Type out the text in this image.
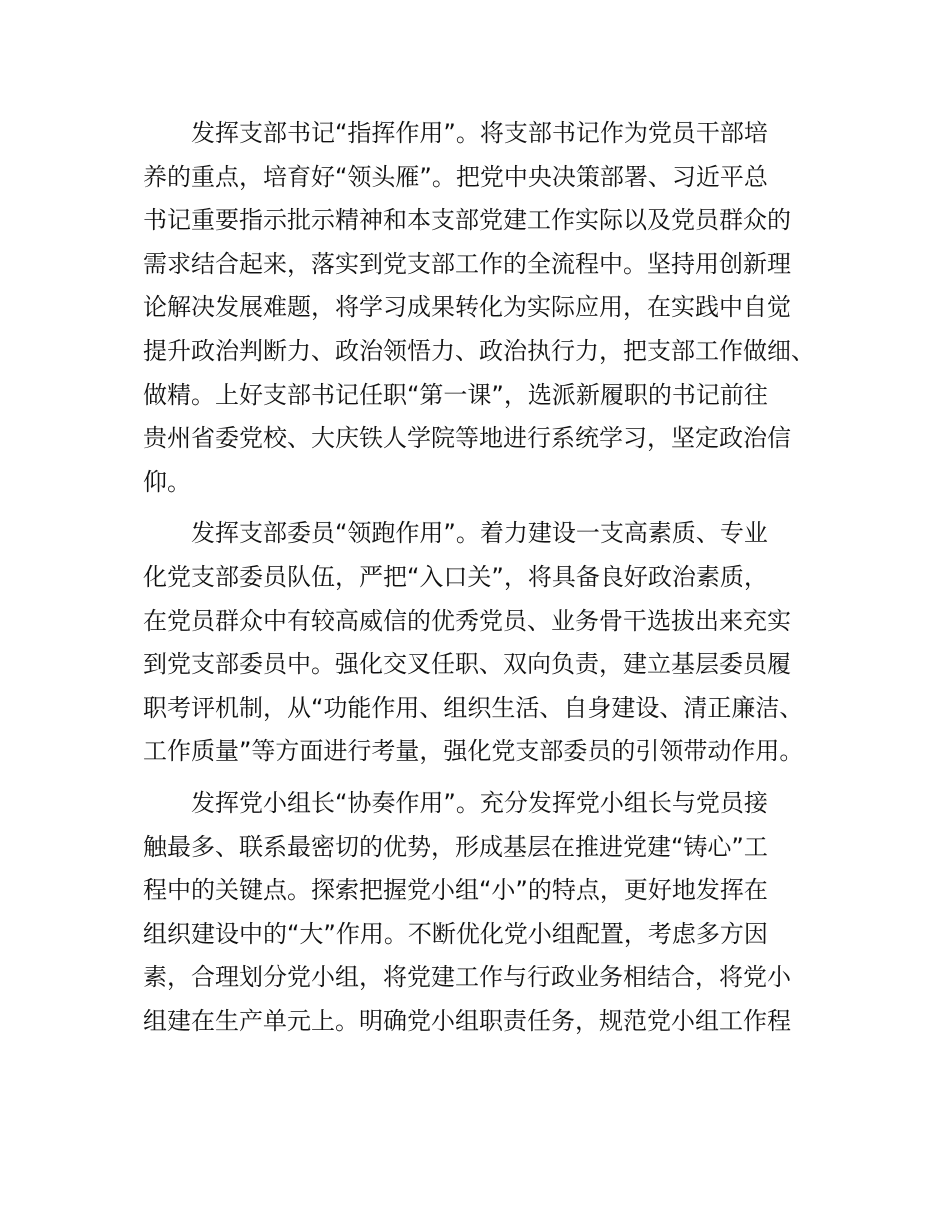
发挥支部书记“指挥作用”。将支部书记作为党员干部培
养的重点，培育好“领头雁”。把党中央决策部署、习近平总
书记重要指示批示精神和本支部党建工作实际以及党员群众的
需求结合起来，落实到党支部工作的全流程中。坚持用创新理
论解决发展难题，将学习成果转化为实际应用，在实践中自觉
提升政治判断力、政治领悟力、政治执行力，把支部工作做细、
做精。上好支部书记任职“第一课”，选派新履职的书记前往
贵州省委党校、大庆铁人学院等地进行系统学习，坚定政治信
仰。

发挥支部委员“领跑作用”。着力建设一支高素质、专业
化党支部委员队伍，严把“入口关”，将具备良好政治素质，
在党员群众中有较高威信的优秀党员、业务骨干选拔出来充实
到党支部委员中。强化交叉任职、双向负责，建立基层委员履
职考评机制，从“功能作用、组织生活、自身建设、清正廉洁、
工作质量”等方面进行考量，强化党支部委员的引领带动作用。

发挥党小组长“协奏作用”。充分发挥党小组长与党员接
触最多、联系最密切的优势，形成基层在推进党建“铸心”工
程中的关键点。探索把握党小组“小”的特点，更好地发挥在
组织建设中的“大”作用。不断优化党小组配置，考虑多方因
素，合理划分党小组，将党建工作与行政业务相结合，将党小
组建在生产单元上。明确党小组职责任务，规范党小组工作程
